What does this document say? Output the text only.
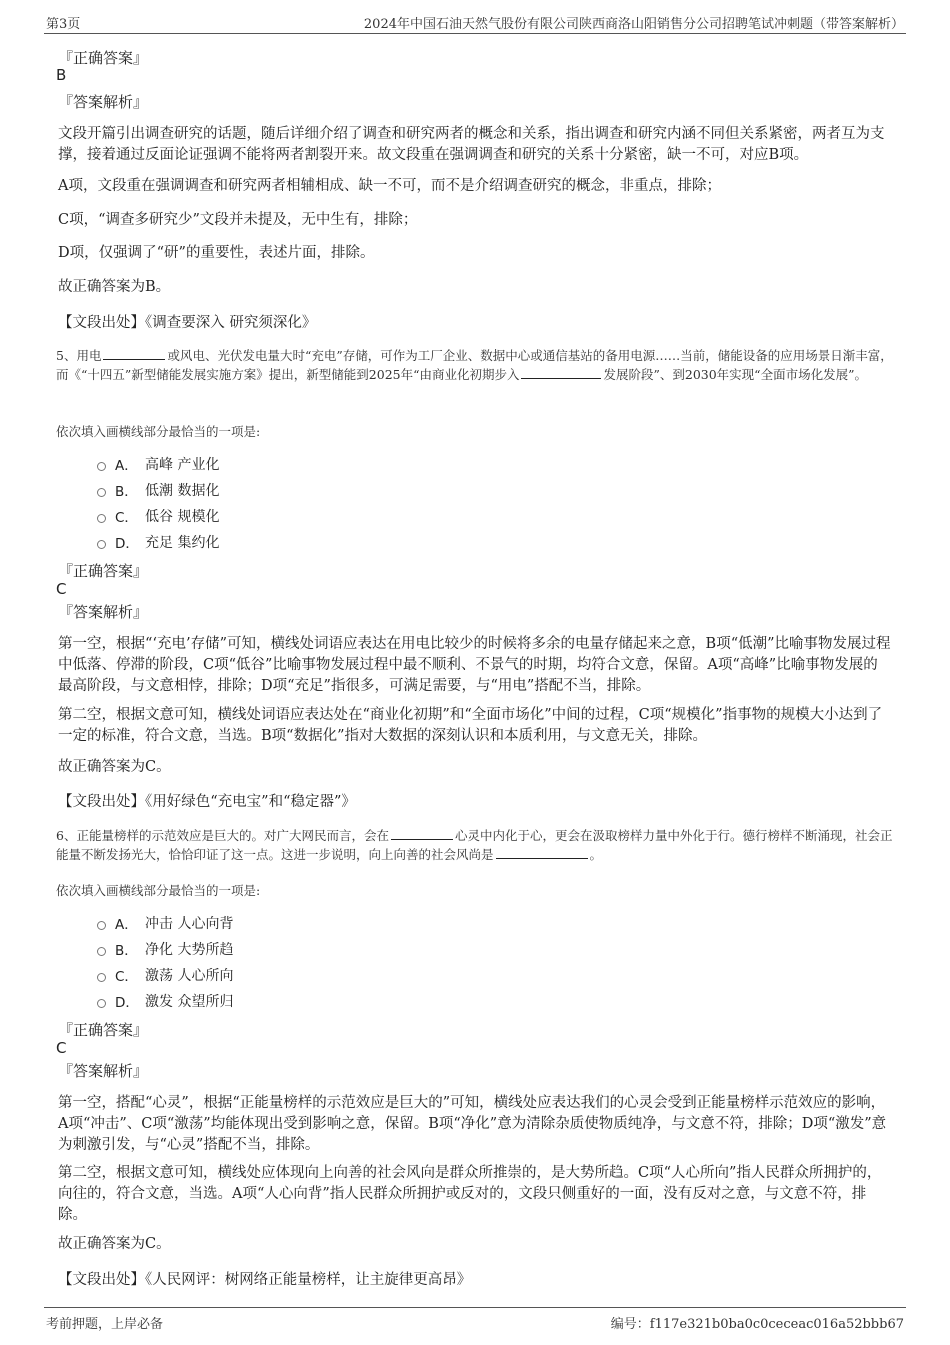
第3页	2024年中国石油天然气股份有限公司陕西商洛山阳销售分公司招聘笔试冲刺题（带答案解析）
『正确答案』
B
『答案解析』
文段开篇引出调查研究的话题，随后详细介绍了调查和研究两者的概念和关系，指出调查和研究内涵不同但关系紧密，两者互为支撑，接着通过反面论证强调不能将两者割裂开来。故文段重在强调调查和研究的关系十分紧密，缺一不可，对应B项。
A项，文段重在强调调查和研究两者相辅相成、缺一不可，而不是介绍调查研究的概念，非重点，排除；
C项，“调查多研究少”文段并未提及，无中生有，排除；
D项，仅强调了“研”的重要性，表述片面，排除。
故正确答案为B。
【文段出处】《调查要深入 研究须深化》
5、用电	或风电、光伏发电量大时“充电”存储，可作为工厂企业、数据中心或通信基站的备用电源……当前，储能设备的应用场景日渐丰富，而《“十四五”新型储能发展实施方案》提出，新型储能到2025年“由商业化初期步入	发展阶段”、到2030年实现“全面市场化发展”。
依次填入画横线部分最恰当的一项是:
A． 高峰 产业化
B． 低潮 数据化
C． 低谷 规模化
D． 充足 集约化
『正确答案』
C
『答案解析』
第一空，根据“‘充电’存储”可知，横线处词语应表达在用电比较少的时候将多余的电量存储起来之意，B项“低潮”比喻事物发展过程中低落、停滞的阶段，C项“低谷”比喻事物发展过程中最不顺利、不景气的时期，均符合文意，保留。A项“高峰”比喻事物发展的最高阶段，与文意相悖，排除；D项“充足”指很多，可满足需要，与“用电”搭配不当，排除。
第二空，根据文意可知，横线处词语应表达处在“商业化初期”和“全面市场化”中间的过程，C项“规模化”指事物的规模大小达到了一定的标准，符合文意，当选。B项“数据化”指对大数据的深刻认识和本质利用，与文意无关，排除。
故正确答案为C。
【文段出处】《用好绿色“充电宝”和“稳定器”》
6、正能量榜样的示范效应是巨大的。对广大网民而言，会在	心灵中内化于心，更会在汲取榜样力量中外化于行。德行榜样不断涌现，社会正能量不断发扬光大，恰恰印证了这一点。这进一步说明，向上向善的社会风尚是	。
依次填入画横线部分最恰当的一项是:
A． 冲击 人心向背
B． 净化 大势所趋
C． 激荡 人心所向
D． 激发 众望所归
『正确答案』
C
『答案解析』
第一空，搭配“心灵”，根据“正能量榜样的示范效应是巨大的”可知，横线处应表达我们的心灵会受到正能量榜样示范效应的影响，A项“冲击”、C项“激荡”均能体现出受到影响之意，保留。B项“净化”意为清除杂质使物质纯净，与文意不符，排除；D项“激发”意为刺激引发，与“心灵”搭配不当，排除。
第二空，根据文意可知，横线处应体现向上向善的社会风向是群众所推崇的，是大势所趋。C项“人心所向”指人民群众所拥护的，向往的，符合文意，当选。A项“人心向背”指人民群众所拥护或反对的，文段只侧重好的一面，没有反对之意，与文意不符，排除。
故正确答案为C。
【文段出处】《人民网评：树网络正能量榜样，让主旋律更高昂》
考前押题，上岸必备	编号：f117e321b0ba0c0ceceac016a52bbb67
